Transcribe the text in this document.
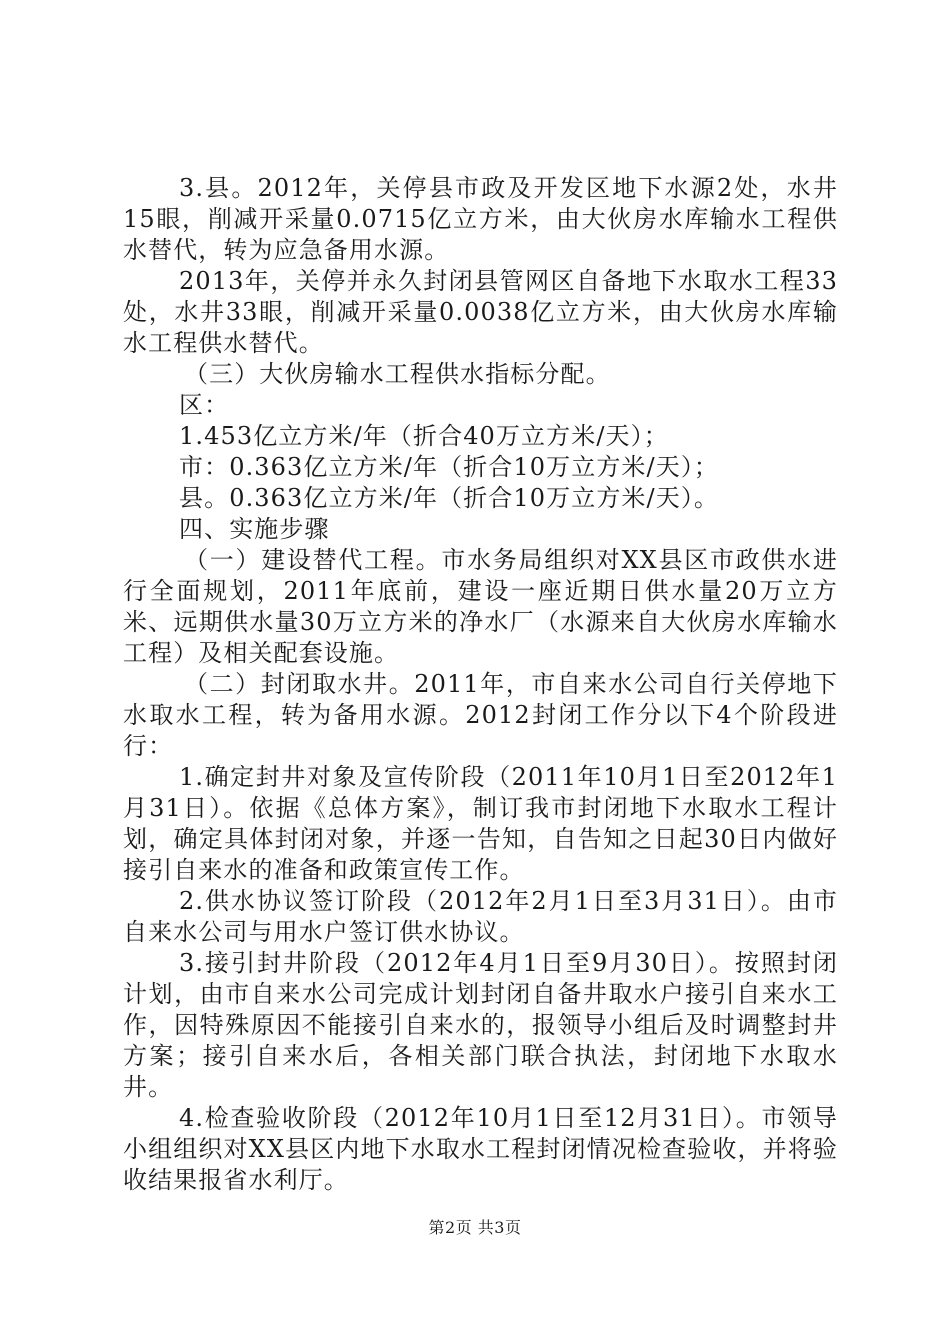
3.县。2012年，关停县市政及开发区地下水源2处，水井15眼，削减开采量0.0715亿立方米，由大伙房水库输水工程供水替代，转为应急备用水源。

2013年，关停并永久封闭县管网区自备地下水取水工程33处，水井33眼，削减开采量0.0038亿立方米，由大伙房水库输水工程供水替代。

（三）大伙房输水工程供水指标分配。

区：

1.453亿立方米/年（折合40万立方米/天）；

市：0.363亿立方米/年（折合10万立方米/天）；

县。0.363亿立方米/年（折合10万立方米/天）。

四、实施步骤

（一）建设替代工程。市水务局组织对XX县区市政供水进行全面规划，2011年底前，建设一座近期日供水量20万立方米、远期供水量30万立方米的净水厂（水源来自大伙房水库输水工程）及相关配套设施。

（二）封闭取水井。2011年，市自来水公司自行关停地下水取水工程，转为备用水源。2012封闭工作分以下4个阶段进行：

1.确定封井对象及宣传阶段（2011年10月1日至2012年1月31日）。依据《总体方案》，制订我市封闭地下水取水工程计划，确定具体封闭对象，并逐一告知，自告知之日起30日内做好接引自来水的准备和政策宣传工作。

2.供水协议签订阶段（2012年2月1日至3月31日）。由市自来水公司与用水户签订供水协议。

3.接引封井阶段（2012年4月1日至9月30日）。按照封闭计划，由市自来水公司完成计划封闭自备井取水户接引自来水工作，因特殊原因不能接引自来水的，报领导小组后及时调整封井方案；接引自来水后，各相关部门联合执法，封闭地下水取水井。

4.检查验收阶段（2012年10月1日至12月31日）。市领导小组组织对XX县区内地下水取水工程封闭情况检查验收，并将验收结果报省水利厅。

第2页 共3页
